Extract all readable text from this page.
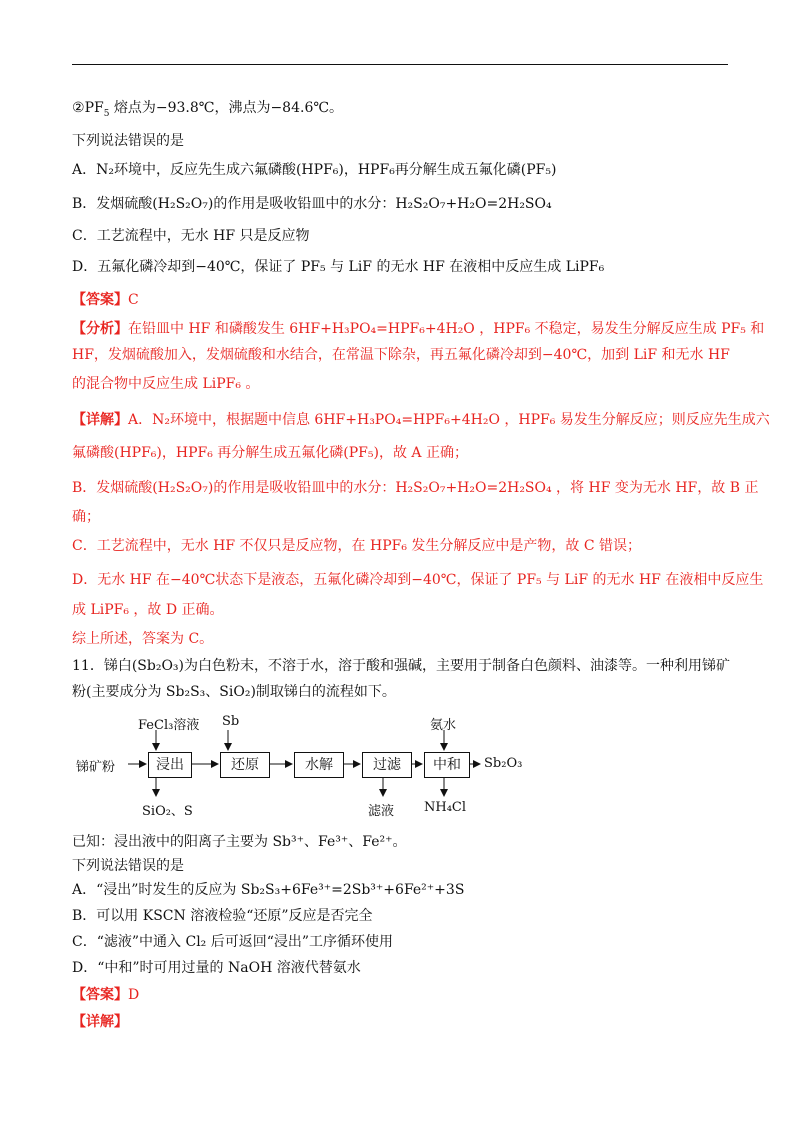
$②PF_5$ 熔点为−93.8℃，沸点为−84.6℃。
下列说法错误的是
A．N₂环境中，反应先生成六氟磷酸(HPF₆)，HPF₆再分解生成五氟化磷(PF₅)
B．发烟硫酸(H₂S₂O₇)的作用是吸收铅皿中的水分：H₂S₂O₇+H₂O=2H₂SO₄
C．工艺流程中，无水 HF 只是反应物
D．五氟化磷冷却到−40℃，保证了 PF₅ 与 LiF 的无水 HF 在液相中反应生成 LiPF₆
【答案】C
【分析】在铅皿中 HF 和磷酸发生 6HF+H₃PO₄=HPF₆+4H₂O ，HPF₆ 不稳定，易发生分解反应生成 PF₅ 和
HF，发烟硫酸加入，发烟硫酸和水结合，在常温下除杂，再五氟化磷冷却到−40℃，加到 LiF 和无水 HF
的混合物中反应生成 LiPF₆ 。
【详解】A．N₂环境中，根据题中信息 6HF+H₃PO₄=HPF₆+4H₂O ，HPF₆ 易发生分解反应；则反应先生成六
氟磷酸(HPF₆)，HPF₆ 再分解生成五氟化磷(PF₅)，故 A 正确；
B．发烟硫酸(H₂S₂O₇)的作用是吸收铅皿中的水分：H₂S₂O₇+H₂O=2H₂SO₄ ，将 HF 变为无水 HF，故 B 正
确；
C．工艺流程中，无水 HF 不仅只是反应物，在 HPF₆ 发生分解反应中是产物，故 C 错误；
D．无水 HF 在−40℃状态下是液态，五氟化磷冷却到−40℃，保证了 PF₅ 与 LiF 的无水 HF 在液相中反应生
成 LiPF₆ ，故 D 正确。
综上所述，答案为 C。
11．锑白(Sb₂O₃)为白色粉末，不溶于水，溶于酸和强碱，主要用于制备白色颜料、油漆等。一种利用锑矿
粉(主要成分为 Sb₂S₃、SiO₂)制取锑白的流程如下。
锑矿粉
FeCl₃溶液 Sb	氨水
浸出	还原	水解	过滤	中和	Sb₂O₃
SiO₂、S	滤液 NH₄Cl
已知：浸出液中的阳离子主要为 Sb³⁺、Fe³⁺、Fe²⁺。
下列说法错误的是
A．“浸出”时发生的反应为 Sb₂S₃+6Fe³⁺=2Sb³⁺+6Fe²⁺+3S
B．可以用 KSCN 溶液检验“还原”反应是否完全
C．“滤液”中通入 Cl₂ 后可返回“浸出”工序循环使用
D．“中和”时可用过量的 NaOH 溶液代替氨水
【答案】D
【详解】
